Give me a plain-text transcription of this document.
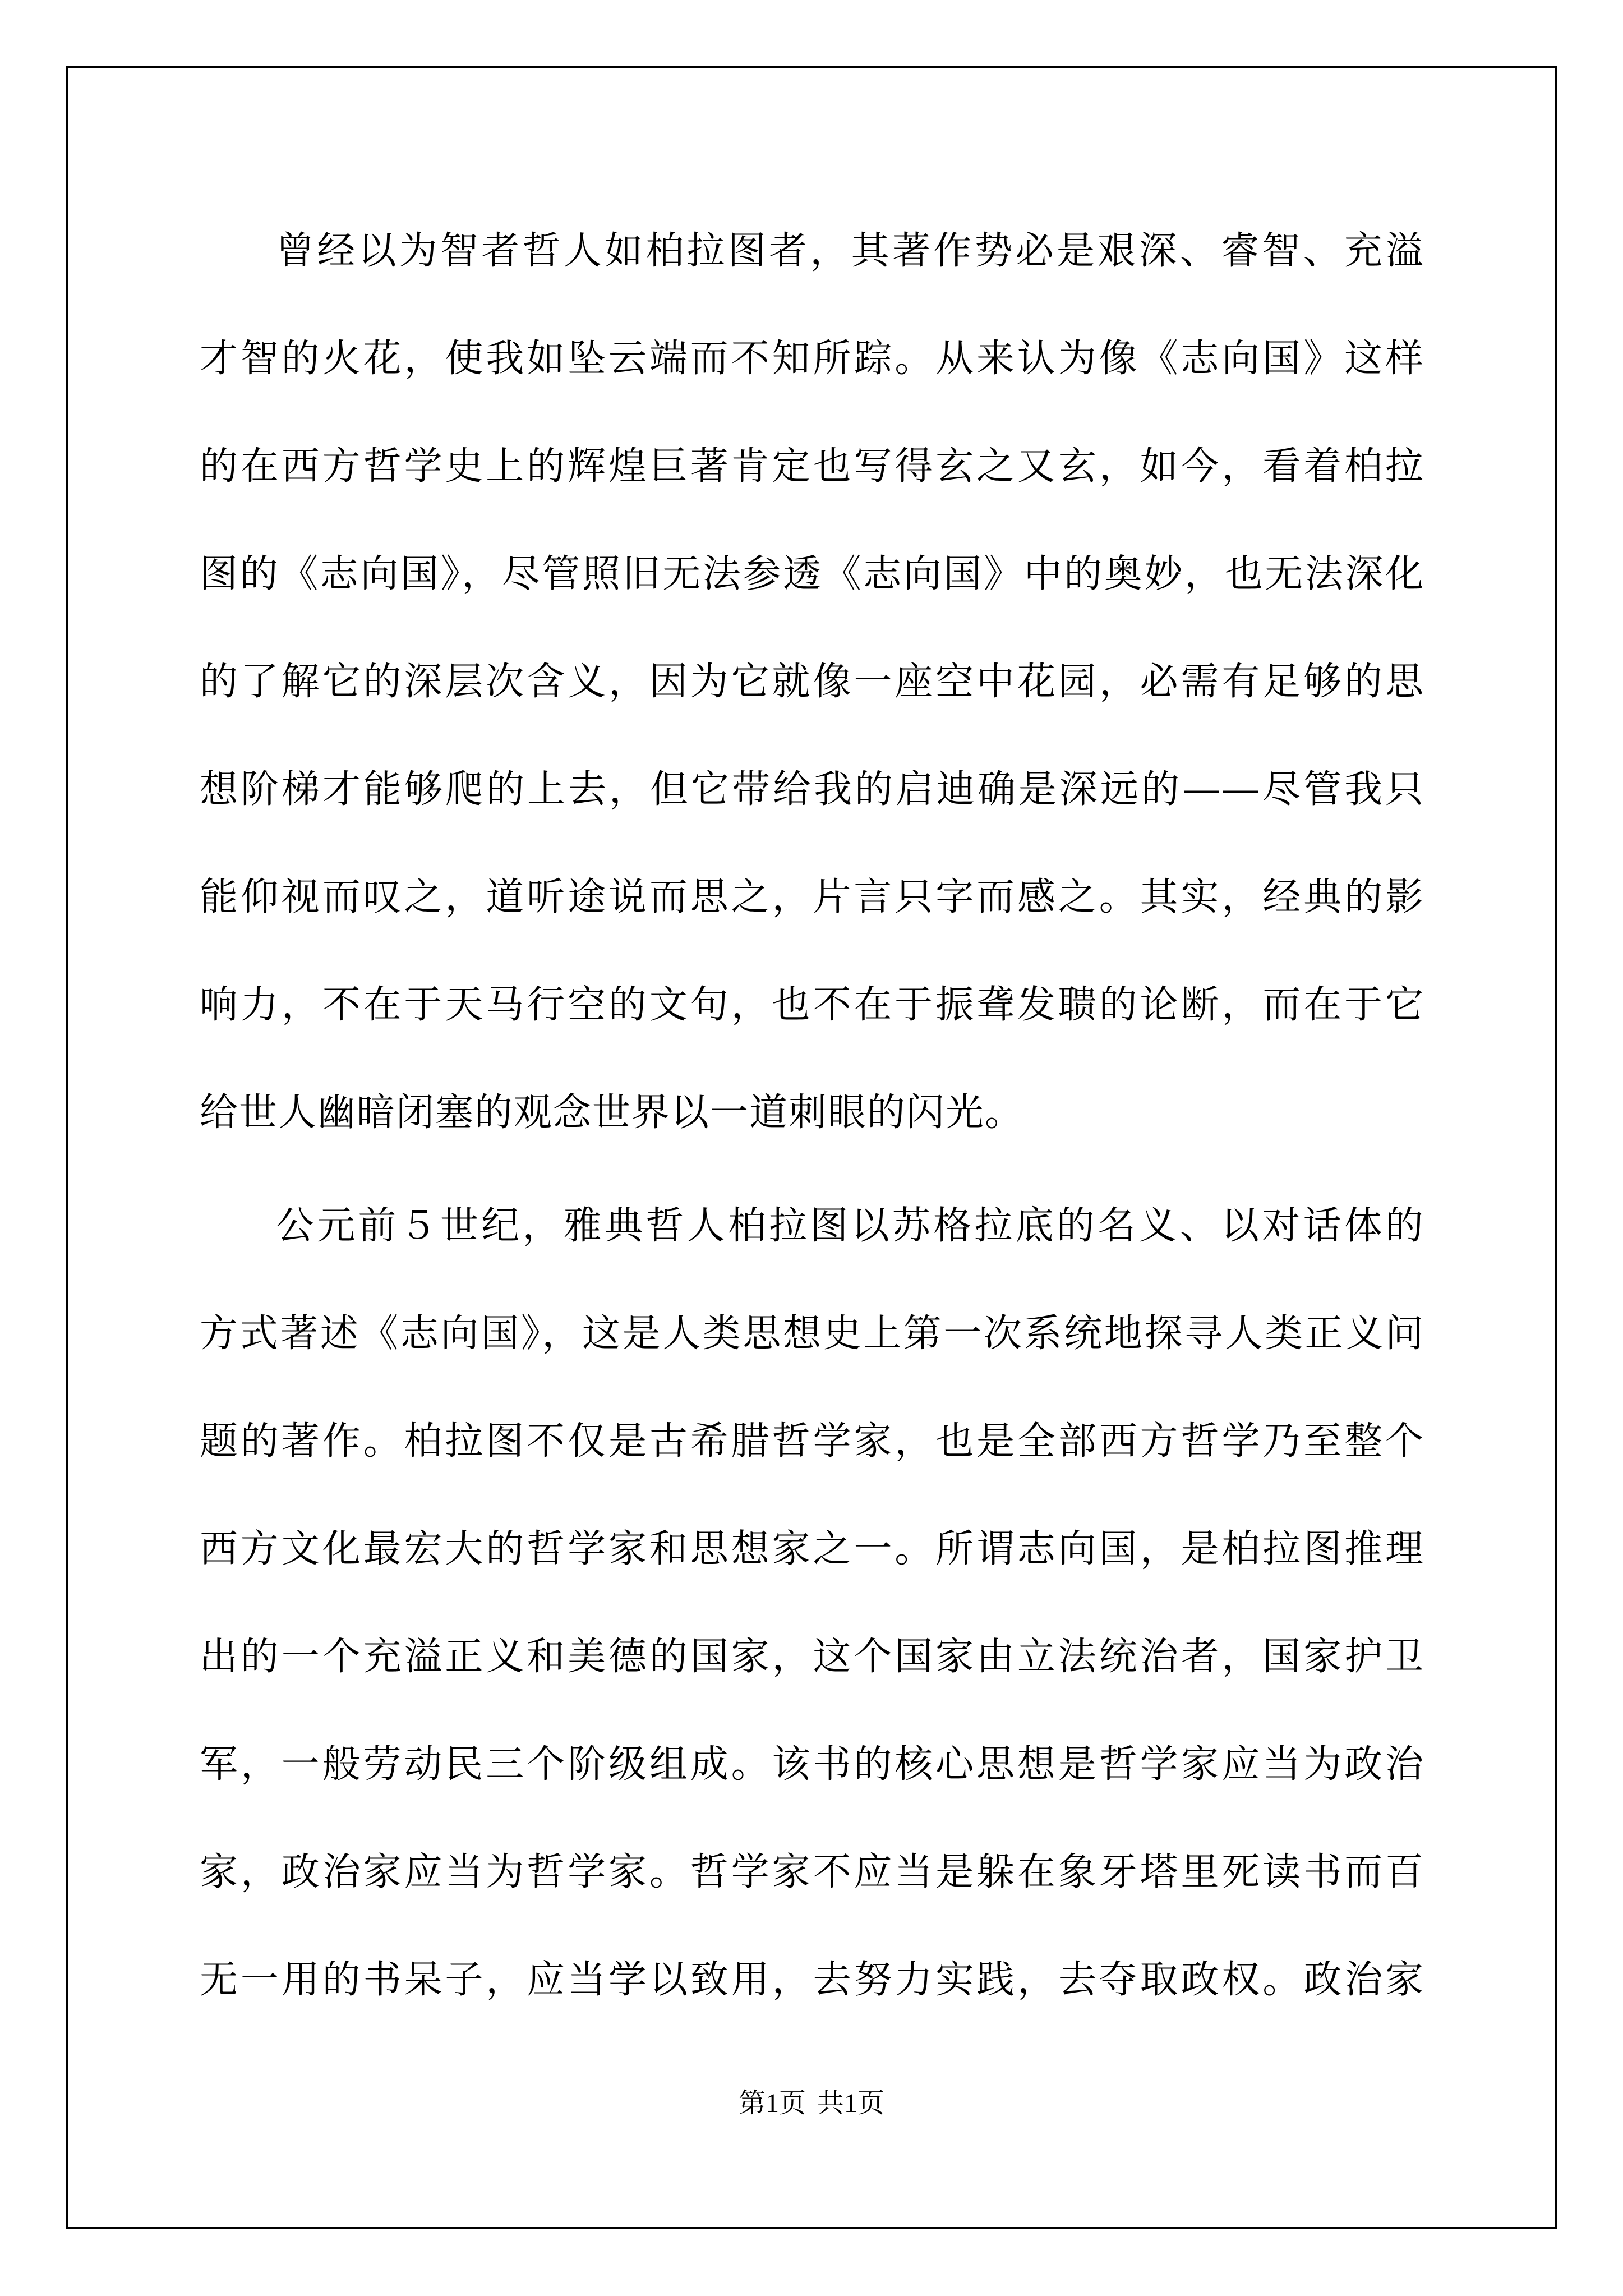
曾经以为智者哲人如柏拉图者，其著作势必是艰深、睿智、充溢
才智的火花，使我如坠云端而不知所踪。从来认为像《志向国》这样
的在西方哲学史上的辉煌巨著肯定也写得玄之又玄，如今，看着柏拉
图的《志向国》，尽管照旧无法参透《志向国》中的奥妙，也无法深化
的了解它的深层次含义，因为它就像一座空中花园，必需有足够的思
想阶梯才能够爬的上去，但它带给我的启迪确是深远的——尽管我只
能仰视而叹之，道听途说而思之，片言只字而感之。其实，经典的影
响力，不在于天马行空的文句，也不在于振聋发聩的论断，而在于它
给世人幽暗闭塞的观念世界以一道刺眼的闪光。
公元前５世纪，雅典哲人柏拉图以苏格拉底的名义、以对话体的
方式著述《志向国》，这是人类思想史上第一次系统地探寻人类正义问
题的著作。柏拉图不仅是古希腊哲学家，也是全部西方哲学乃至整个
西方文化最宏大的哲学家和思想家之一。所谓志向国，是柏拉图推理
出的一个充溢正义和美德的国家，这个国家由立法统治者，国家护卫
军，一般劳动民三个阶级组成。该书的核心思想是哲学家应当为政治
家，政治家应当为哲学家。哲学家不应当是躲在象牙塔里死读书而百
无一用的书呆子，应当学以致用，去努力实践，去夺取政权。政治家
第1页 共1页
